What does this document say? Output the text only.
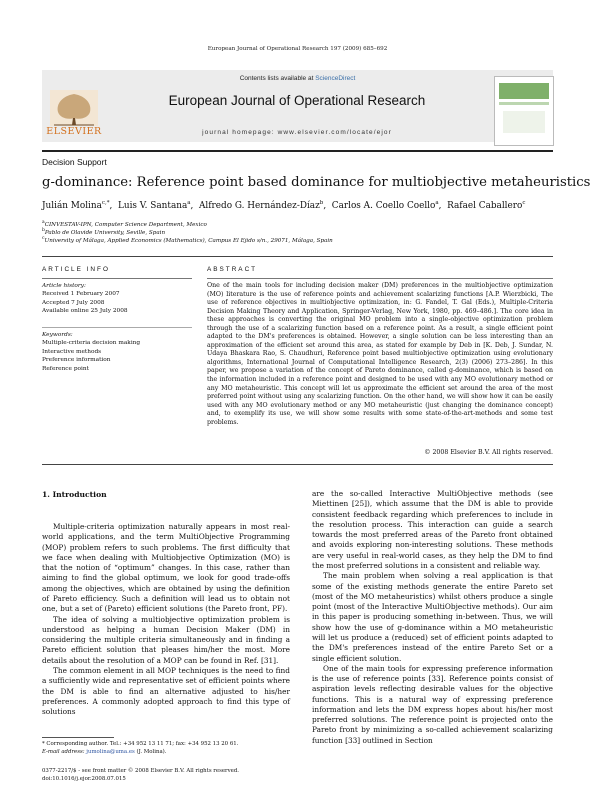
European Journal of Operational Research 197 (2009) 685–692
Contents lists available at ScienceDirect
ELSEVIER
European Journal of Operational Research
journal homepage: www.elsevier.com/locate/ejor
Decision Support
g-dominance: Reference point based dominance for multiobjective metaheuristics
Julián Molina$^{c,*}$,  Luis V. Santana$^a$,  Alfredo G. Hernández-Díaz$^b$,  Carlos A. Coello Coello$^a$,  Rafael Caballero$^c$
$^a$CINVESTAV-IPN, Computer Science Department, Mexico
$^b$Pablo de Olavide University, Seville, Spain
$^c$University of Málaga, Applied Economics (Mathematics), Campus El Ejido s/n., 29071, Málaga, Spain
ARTICLE INFO	ABSTRACT
Article history:
Received 1 February 2007
Accepted 7 July 2008
Available online 25 July 2008
Keywords:
Multiple-criteria decision making
Interactive methods
Preference information
Reference point
One of the main tools for including decision maker (DM) preferences in the multiobjective optimization (MO) literature is the use of reference points and achievement scalarizing functions [A.P. Wierzbicki, The use of reference objectives in multiobjective optimization, in: G. Fandel, T. Gal (Eds.), Multiple-Criteria Decision Making Theory and Application, Springer-Verlag, New York, 1980, pp. 469–486.]. The core idea in these approaches is converting the original MO problem into a single-objective optimization problem through the use of a scalarizing function based on a reference point. As a result, a single efficient point adapted to the DM's preferences is obtained. However, a single solution can be less interesting than an approximation of the efficient set around this area, as stated for example by Deb in [K. Deb, J. Sundar, N. Udaya Bhaskara Rao, S. Chaudhuri, Reference point based multiobjective optimization using evolutionary algorithms, International Journal of Computational Intelligence Research, 2(3) (2006) 273–286]. In this paper, we propose a variation of the concept of Pareto dominance, called g-dominance, which is based on the information included in a reference point and designed to be used with any MO evolutionary method or any MO metaheuristic. This concept will let us approximate the efficient set around the area of the most preferred point without using any scalarizing function. On the other hand, we will show how it can be easily used with any MO evolutionary method or any MO metaheuristic (just changing the dominance concept) and, to exemplify its use, we will show some results with some state-of-the-art-methods and some test problems.
© 2008 Elsevier B.V. All rights reserved.
1. Introduction

Multiple-criteria optimization naturally appears in most real-world applications, and the term MultiObjective Programming (MOP) problem refers to such problems. The first difficulty that we face when dealing with Multiobjective Optimization (MO) is that the notion of “optimum” changes. In this case, rather than aiming to find the global optimum, we look for good trade-offs among the objectives, which are obtained by using the definition of Pareto efficiency. Such a definition will lead us to obtain not one, but a set of (Pareto) efficient solutions (the Pareto front, PF).

The idea of solving a multiobjective optimization problem is understood as helping a human Decision Maker (DM) in considering the multiple criteria simultaneously and in finding a Pareto efficient solution that pleases him/her the most. More details about the resolution of a MOP can be found in Ref. [31].

The common element in all MOP techniques is the need to find a sufficiently wide and representative set of efficient points where the DM is able to find an alternative adjusted to his/her preferences. A commonly adopted approach to find this type of solutions

are the so-called Interactive MultiObjective methods (see Miettinen [25]), which assume that the DM is able to provide consistent feedback regarding which preferences to include in the resolution process. This interaction can guide a search towards the most preferred areas of the Pareto front obtained and avoids exploring non-interesting solutions. These methods are very useful in real-world cases, as they help the DM to find the most preferred solutions in a consistent and reliable way.

The main problem when solving a real application is that some of the existing methods generate the entire Pareto set (most of the MO metaheuristics) whilst others produce a single point (most of the Interactive MultiObjective methods). Our aim in this paper is producing something in-between. Thus, we will show how the use of g-dominance within a MO metaheuristic will let us produce a (reduced) set of efficient points adapted to the DM's preferences instead of the entire Pareto Set or a single efficient solution.

One of the main tools for expressing preference information is the use of reference points [33]. Reference points consist of aspiration levels reflecting desirable values for the objective functions. This is a natural way of expressing preference information and lets the DM express hopes about his/her most preferred solutions. The reference point is projected onto the Pareto front by minimizing a so-called achievement scalarizing function [33] outlined in Section

* Corresponding author. Tel.: +34 952 13 11 71; fax: +34 952 13 20 61.
E-mail address: jumolina@uma.es (J. Molina).
0377-2217/$ - see front matter © 2008 Elsevier B.V. All rights reserved.
doi:10.1016/j.ejor.2008.07.015
